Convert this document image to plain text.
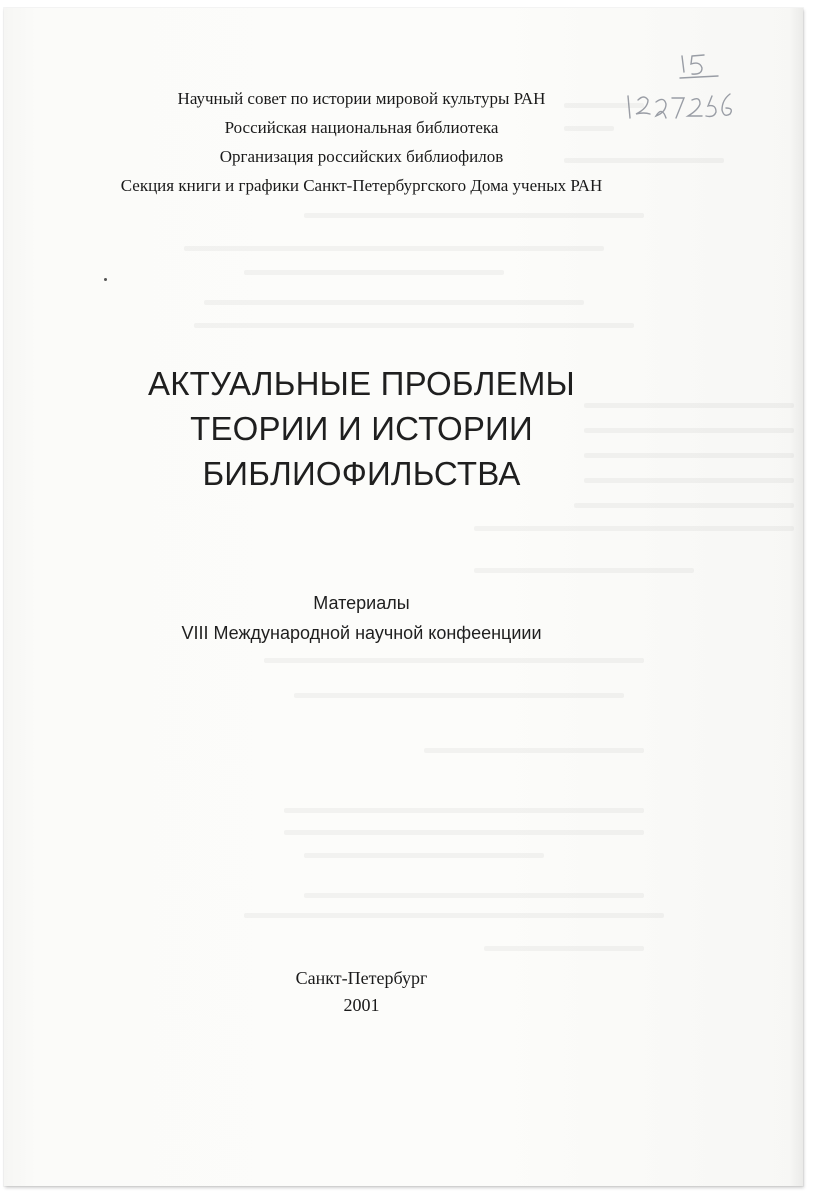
Научный совет по истории мировой культуры РАН
Российская национальная библиотека
Организация российских библиофилов
Секция книги и графики Санкт-Петербургского Дома ученых РАН
АКТУАЛЬНЫЕ ПРОБЛЕМЫ
ТЕОРИИ И ИСТОРИИ
БИБЛИОФИЛЬСТВА
Материалы
VIII Международной научной конфеенциии
Санкт-Петербург
2001
